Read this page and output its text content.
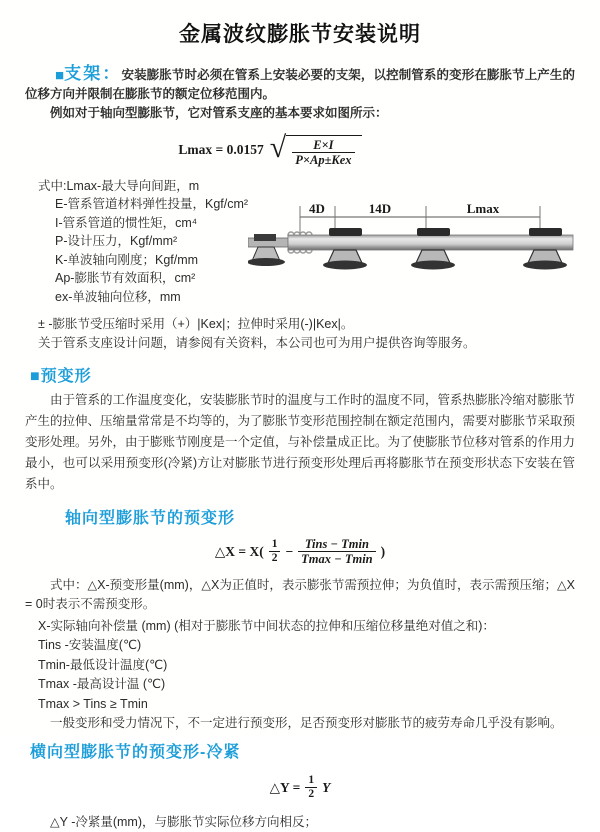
金属波纹膨胀节安装说明

■支架：安装膨胀节时必须在管系上安装必要的支架，以控制管系的变形在膨胀节上产生的位移方向并限制在膨胀节的额定位移范围内。

例如对于轴向型膨胀节，它对管系支座的基本要求如图所示：

Lmax = 0.0157 √ $\frac{E\times I}{\text{P×Ap±Kex}}$
式中:Lmax-最大导向间距，m
E-管系管道材料弹性投量，Kgf/cm²
I-管系管道的惯性矩，cm⁴
P-设计压力，Kgf/mm²
K-单波轴向刚度；Kgf/mm
Ap-膨胀节有效面积，cm²
ex-单波轴向位移，mm
4D	14D	Lmax
± -膨胀节受压缩时采用（+）|Kex|；拉伸时采用(-)|Kex|。
关于管系支座设计问题，请参阅有关资料，本公司也可为用户提供咨询等服务。
■预变形

由于管系的工作温度变化，安装膨胀节时的温度与工作时的温度不同，管系热膨胀冷缩对膨胀节产生的拉伸、压缩量常常是不均等的，为了膨胀节变形范围控制在额定范围内，需要对膨胀节采取预变形处理。另外，由于膨账节刚度是一个定值，与补偿量成正比。为了使膨胀节位移对管系的作用力最小，也可以采用预变形(冷紧)方让对膨胀节进行预变形处理后再将膨胀节在预变形状态下安装在管系中。

轴向型膨胀节的预变形
△X = $X( \frac{1}{2} - \frac{\text{Tins − Tmin}}{Tmax - Tmin}$ )

式中：△X-预变形量(mm)，△X为正值时，表示膨张节需预拉伸；为负值时，表示需预压缩；△X = 0时表示不需预变形。

X-实际轴向补偿量 (mm) (相对于膨胀节中间状态的拉伸和压缩位移量绝对值之和)：
Tins -安装温度(℃)
Tmin-最低设计温度(℃)
Tmax -最高设计温 (℃)
Tmax > Tins ≥ Tmin

一般变形和受力情况下，不一定进行预变形，足否预变形对膨胀节的疲劳寿命几乎没有影响。

横向型膨胀节的预变形-冷紧
△Y = $\frac{1}{2}$ Y

△Y -冷紧量(mm)，与膨胀节实际位移方向相反；
